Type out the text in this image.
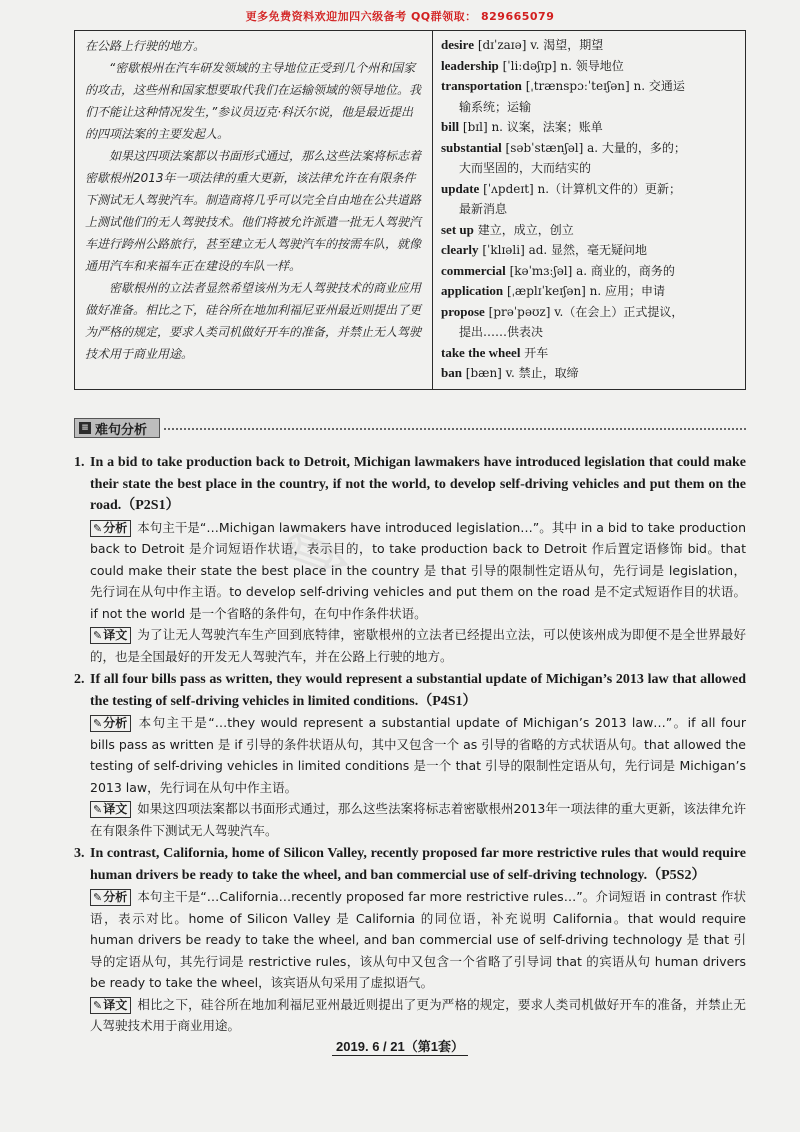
更多免费资料欢迎加四六级备考 QQ群领取： 829665079

在公路上行驶的地方。

“密歇根州在汽车研发领域的主导地位正受到几个州和国家的攻击，这些州和国家想要取代我们在运输领域的领导地位。我们不能让这种情况发生，”参议员迈克·科沃尔说，他是最近提出的四项法案的主要发起人。

如果这四项法案都以书面形式通过，那么这些法案将标志着密歇根州2013年一项法律的重大更新，该法律允许在有限条件下测试无人驾驶汽车。制造商将几乎可以完全自由地在公共道路上测试他们的无人驾驶技术。他们将被允许派遣一批无人驾驶汽车进行跨州公路旅行，甚至建立无人驾驶汽车的按需车队，就像通用汽车和来福车正在建设的车队一样。

密歇根州的立法者显然希望该州为无人驾驶技术的商业应用做好准备。相比之下，硅谷所在地加利福尼亚州最近则提出了更为严格的规定，要求人类司机做好开车的准备，并禁止无人驾驶技术用于商业用途。

desire [dɪˈzaɪə] v. 渴望，期望
leadership [ˈliːdəʃɪp] n. 领导地位
transportation [ˌtrænspɔːˈteɪʃən] n. 交通运
输系统；运输
bill [bɪl] n. 议案，法案；账单
substantial [səbˈstænʃəl] a. 大量的，多的；
大而坚固的，大而结实的
update [ˈʌpdeɪt] n.（计算机文件的）更新；
最新消息
set up 建立，成立，创立
clearly [ˈklɪəli] ad. 显然，毫无疑问地
commercial [kəˈmɜːʃəl] a. 商业的，商务的
application [ˌæplɪˈkeɪʃən] n. 应用；申请
propose [prəˈpəʊz] v.（在会上）正式提议，
提出……供表决
take the wheel 开车
ban [bæn] v. 禁止，取缔
≡ 难句分析
✎
1. In a bid to take production back to Detroit, Michigan lawmakers have introduced legislation that could make their state the best place in the country, if not the world, to develop self-driving vehicles and put them on the road.（P2S1）
✎分析 本句主干是“…Michigan lawmakers have introduced legislation…”。其中 in a bid to take production back to Detroit 是介词短语作状语，表示目的，to take production back to Detroit 作后置定语修饰 bid。that could make their state the best place in the country 是 that 引导的限制性定语从句，先行词是 legislation，先行词在从句中作主语。to develop self-driving vehicles and put them on the road 是不定式短语作目的状语。if not the world 是一个省略的条件句，在句中作条件状语。
✎译文 为了让无人驾驶汽车生产回到底特律，密歇根州的立法者已经提出立法，可以使该州成为即便不是全世界最好的，也是全国最好的开发无人驾驶汽车，并在公路上行驶的地方。
2. If all four bills pass as written, they would represent a substantial update of Michigan’s 2013 law that allowed the testing of self-driving vehicles in limited conditions.（P4S1）
✎分析 本句主干是“…they would represent a substantial update of Michigan’s 2013 law…”。if all four bills pass as written 是 if 引导的条件状语从句，其中又包含一个 as 引导的省略的方式状语从句。that allowed the testing of self-driving vehicles in limited conditions 是一个 that 引导的限制性定语从句，先行词是 Michigan’s 2013 law，先行词在从句中作主语。
✎译文 如果这四项法案都以书面形式通过，那么这些法案将标志着密歇根州2013年一项法律的重大更新，该法律允许在有限条件下测试无人驾驶汽车。
3. In contrast, California, home of Silicon Valley, recently proposed far more restrictive rules that would require human drivers be ready to take the wheel, and ban commercial use of self-driving technology.（P5S2）
✎分析 本句主干是“…California…recently proposed far more restrictive rules…”。介词短语 in contrast 作状语，表示对比。home of Silicon Valley 是 California 的同位语，补充说明 California。that would require human drivers be ready to take the wheel, and ban commercial use of self-driving technology 是 that 引导的定语从句，其先行词是 restrictive rules，该从句中又包含一个省略了引导词 that 的宾语从句 human drivers be ready to take the wheel，该宾语从句采用了虚拟语气。
✎译文 相比之下，硅谷所在地加利福尼亚州最近则提出了更为严格的规定，要求人类司机做好开车的准备，并禁止无人驾驶技术用于商业用途。
2019. 6 / 21（第1套）
